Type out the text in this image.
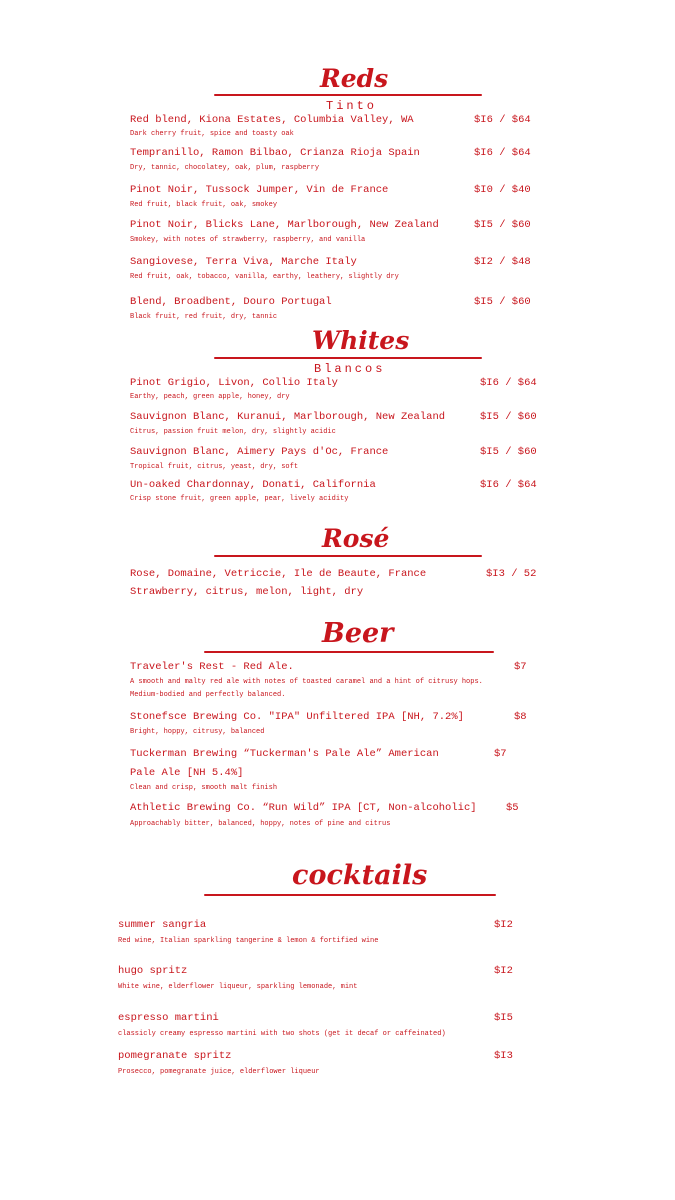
Reds
Tinto
Red blend, Kiona Estates, Columbia Valley, WA	$I6 / $64
Dark cherry fruit, spice and toasty oak
Tempranillo, Ramon Bilbao, Crianza Rioja Spain	$I6 / $64
Dry, tannic, chocolatey, oak, plum, raspberry
Pinot Noir, Tussock Jumper, Vin de France	$I0 / $40
Red fruit, black fruit, oak, smokey
Pinot Noir, Blicks Lane, Marlborough, New Zealand	$I5 / $60
Smokey, with notes of strawberry, raspberry, and vanilla
Sangiovese, Terra Viva, Marche Italy	$I2 / $48
Red fruit, oak, tobacco, vanilla, earthy, leathery, slightly dry
Blend, Broadbent, Douro Portugal	$I5 / $60
Black fruit, red fruit, dry, tannic
Whites
Blancos
Pinot Grigio, Livon, Collio Italy	$I6 / $64
Earthy, peach, green apple, honey, dry
Sauvignon Blanc, Kuranui, Marlborough, New Zealand	$I5 / $60
Citrus, passion fruit melon, dry, slightly acidic
Sauvignon Blanc, Aimery Pays d'Oc, France	$I5 / $60
Tropical fruit, citrus, yeast, dry, soft
Un-oaked Chardonnay, Donati, California	$I6 / $64
Crisp stone fruit, green apple, pear, lively acidity
Rosé
Rose, Domaine, Vetriccie, Ile de Beaute, France	$I3 / 52
Strawberry, citrus, melon, light, dry
Beer
Traveler's Rest - Red Ale.	$7
A smooth and malty red ale with notes of toasted caramel and a hint of citrusy hops.
Medium-bodied and perfectly balanced.
Stonefsce Brewing Co. "IPA" Unfiltered IPA [NH, 7.2%]	$8
Bright, hoppy, citrusy, balanced
Tuckerman Brewing “Tuckerman's Pale Ale” American	$7
Pale Ale [NH 5.4%]
Clean and crisp, smooth malt finish
Athletic Brewing Co. “Run Wild” IPA [CT, Non-alcoholic]	$5
Approachably bitter, balanced, hoppy, notes of pine and citrus
cocktails
summer sangria	$I2
Red wine, Italian sparkling tangerine & lemon & fortified wine
hugo spritz	$I2
White wine, elderflower liqueur, sparkling lemonade, mint
espresso martini	$I5
classicly creamy espresso martini with two shots (get it decaf or caffeinated)
pomegranate spritz	$I3
Prosecco, pomegranate juice, elderflower liqueur
